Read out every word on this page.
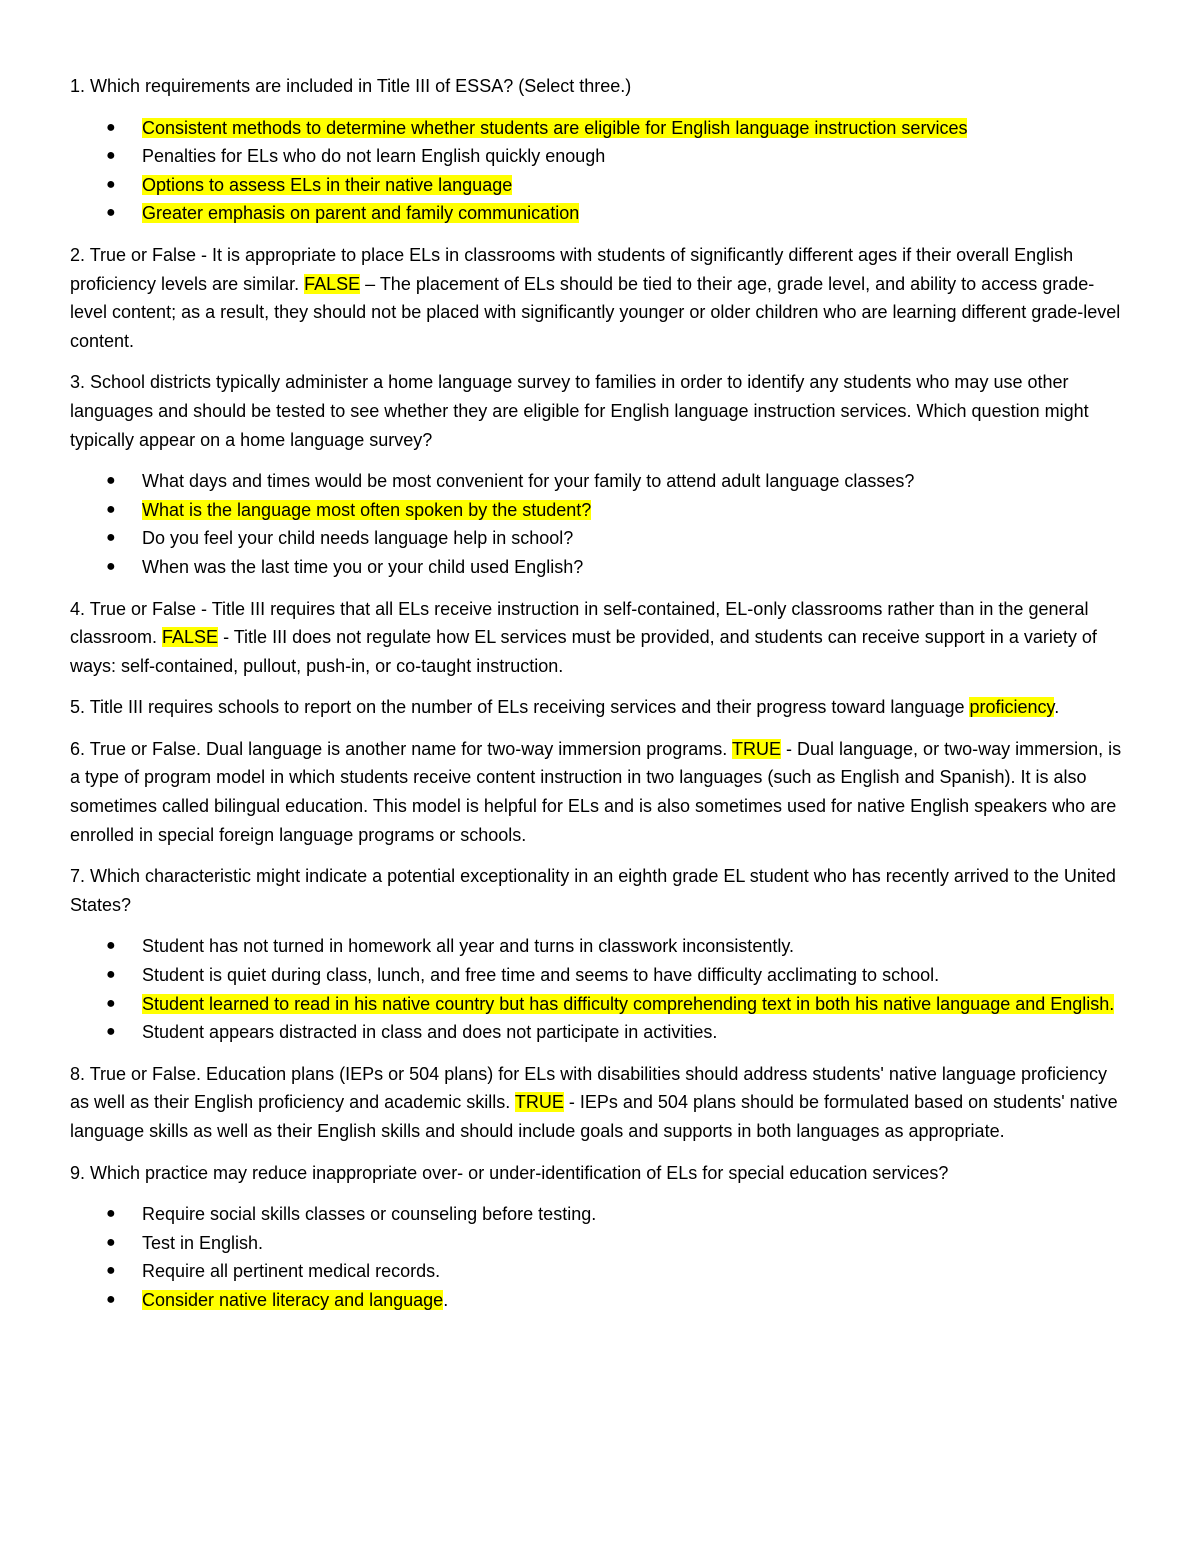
1. Which requirements are included in Title III of ESSA? (Select three.)

● Consistent methods to determine whether students are eligible for English language instruction services
● Penalties for ELs who do not learn English quickly enough
● Options to assess ELs in their native language
● Greater emphasis on parent and family communication

2. True or False - It is appropriate to place ELs in classrooms with students of significantly different ages if their overall English proficiency levels are similar. FALSE – The placement of ELs should be tied to their age, grade level, and ability to access grade-level content; as a result, they should not be placed with significantly younger or older children who are learning different grade-level content.

3. School districts typically administer a home language survey to families in order to identify any students who may use other languages and should be tested to see whether they are eligible for English language instruction services. Which question might typically appear on a home language survey?

● What days and times would be most convenient for your family to attend adult language classes?
● What is the language most often spoken by the student?
● Do you feel your child needs language help in school?
● When was the last time you or your child used English?

4. True or False - Title III requires that all ELs receive instruction in self-contained, EL-only classrooms rather than in the general classroom. FALSE - Title III does not regulate how EL services must be provided, and students can receive support in a variety of ways: self-contained, pullout, push-in, or co-taught instruction.

5. Title III requires schools to report on the number of ELs receiving services and their progress toward language proficiency.

6. True or False. Dual language is another name for two-way immersion programs. TRUE - Dual language, or two-way immersion, is a type of program model in which students receive content instruction in two languages (such as English and Spanish). It is also sometimes called bilingual education. This model is helpful for ELs and is also sometimes used for native English speakers who are enrolled in special foreign language programs or schools.

7. Which characteristic might indicate a potential exceptionality in an eighth grade EL student who has recently arrived to the United States?

● Student has not turned in homework all year and turns in classwork inconsistently.
● Student is quiet during class, lunch, and free time and seems to have difficulty acclimating to school.
● Student learned to read in his native country but has difficulty comprehending text in both his native language and English.
● Student appears distracted in class and does not participate in activities.

8. True or False. Education plans (IEPs or 504 plans) for ELs with disabilities should address students' native language proficiency as well as their English proficiency and academic skills. TRUE - IEPs and 504 plans should be formulated based on students' native language skills as well as their English skills and should include goals and supports in both languages as appropriate.

9. Which practice may reduce inappropriate over- or under-identification of ELs for special education services?

● Require social skills classes or counseling before testing.
● Test in English.
● Require all pertinent medical records.
● Consider native literacy and language.
